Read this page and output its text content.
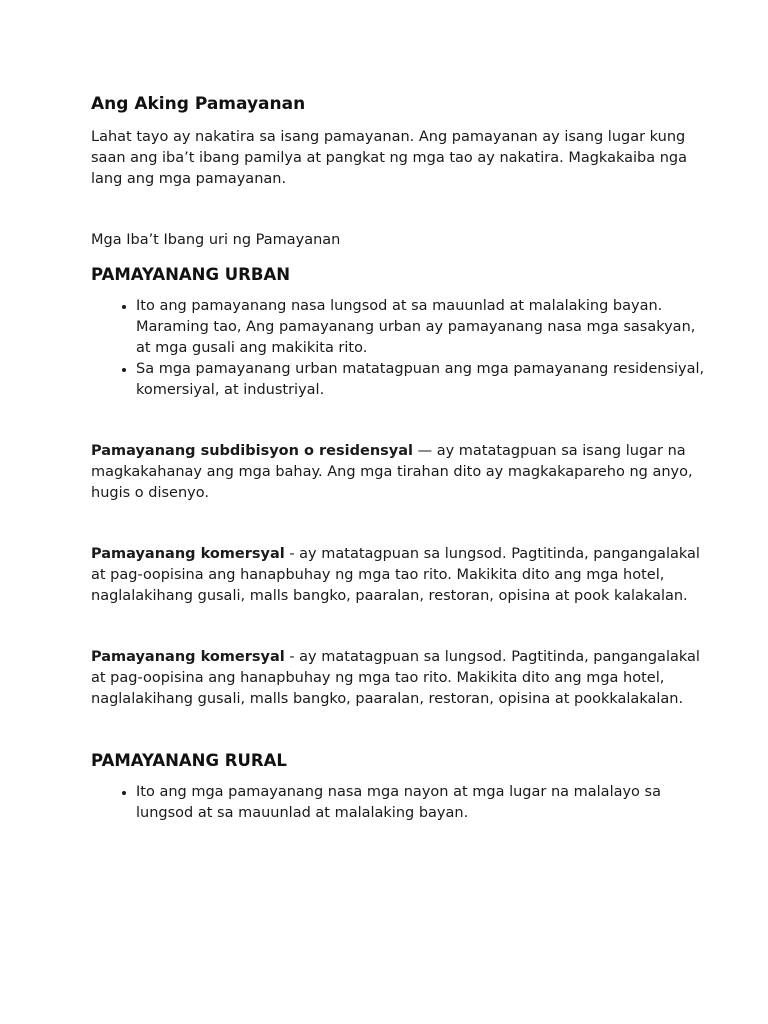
Ang Aking Pamayanan

Lahat tayo ay nakatira sa isang pamayanan. Ang pamayanan ay isang lugar kung saan ang iba’t ibang pamilya at pangkat ng mga tao ay nakatira. Magkakaiba nga lang ang mga pamayanan.

Mga Iba’t Ibang uri ng Pamayanan

PAMAYANANG URBAN
• Ito ang pamayanang nasa lungsod at sa mauunlad at malalaking bayan. Maraming tao, Ang pamayanang urban ay pamayanang nasa mga sasakyan, at mga gusali ang makikita rito.
• Sa mga pamayanang urban matatagpuan ang mga pamayanang residensiyal, komersiyal, at industriyal.

Pamayanang subdibisyon o residensyal — ay matatagpuan sa isang lugar na magkakahanay ang mga bahay. Ang mga tirahan dito ay magkakapareho ng anyo, hugis o disenyo.

Pamayanang komersyal - ay matatagpuan sa lungsod. Pagtitinda, pangangalakal at pag-oopisina ang hanapbuhay ng mga tao rito. Makikita dito ang mga hotel, naglalakihang gusali, malls bangko, paaralan, restoran, opisina at pook kalakalan.

Pamayanang komersyal - ay matatagpuan sa lungsod. Pagtitinda, pangangalakal at pag-oopisina ang hanapbuhay ng mga tao rito. Makikita dito ang mga hotel, naglalakihang gusali, malls bangko, paaralan, restoran, opisina at pookkalakalan.

PAMAYANANG RURAL
• Ito ang mga pamayanang nasa mga nayon at mga lugar na malalayo sa lungsod at sa mauunlad at malalaking bayan.
